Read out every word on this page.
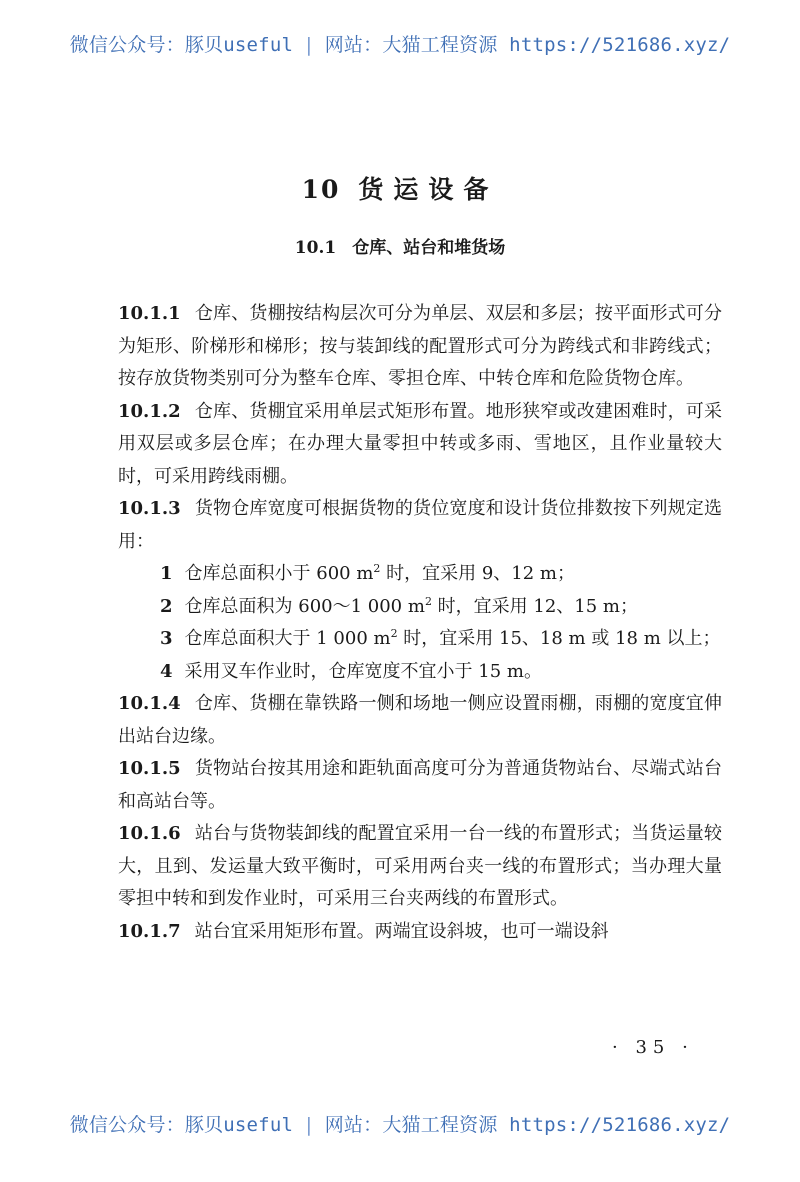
微信公众号：豚贝useful | 网站：大猫工程资源 https://521686.xyz/
10 货运设备
10.1 仓库、站台和堆货场

10.1.1 仓库、货棚按结构层次可分为单层、双层和多层；按平面形式可分为矩形、阶梯形和梯形；按与装卸线的配置形式可分为跨线式和非跨线式；按存放货物类别可分为整车仓库、零担仓库、中转仓库和危险货物仓库。

10.1.2 仓库、货棚宜采用单层式矩形布置。地形狭窄或改建困难时，可采用双层或多层仓库；在办理大量零担中转或多雨、雪地区，且作业量较大时，可采用跨线雨棚。

10.1.3 货物仓库宽度可根据货物的货位宽度和设计货位排数按下列规定选用：

1 仓库总面积小于 600 $m^2$ 时，宜采用 9、12 m；

2 仓库总面积为 600～1 000 $m^2$ 时，宜采用 12、15 m；

3 仓库总面积大于 1 000 $m^2$ 时，宜采用 15、18 m 或 18 m 以上；

4 采用叉车作业时，仓库宽度不宜小于 15 m。

10.1.4 仓库、货棚在靠铁路一侧和场地一侧应设置雨棚，雨棚的宽度宜伸出站台边缘。

10.1.5 货物站台按其用途和距轨面高度可分为普通货物站台、尽端式站台和高站台等。

10.1.6 站台与货物装卸线的配置宜采用一台一线的布置形式；当货运量较大，且到、发运量大致平衡时，可采用两台夹一线的布置形式；当办理大量零担中转和到发作业时，可采用三台夹两线的布置形式。

10.1.7 站台宜采用矩形布置。两端宜设斜坡，也可一端设斜

· 35 ·
微信公众号：豚贝useful | 网站：大猫工程资源 https://521686.xyz/
